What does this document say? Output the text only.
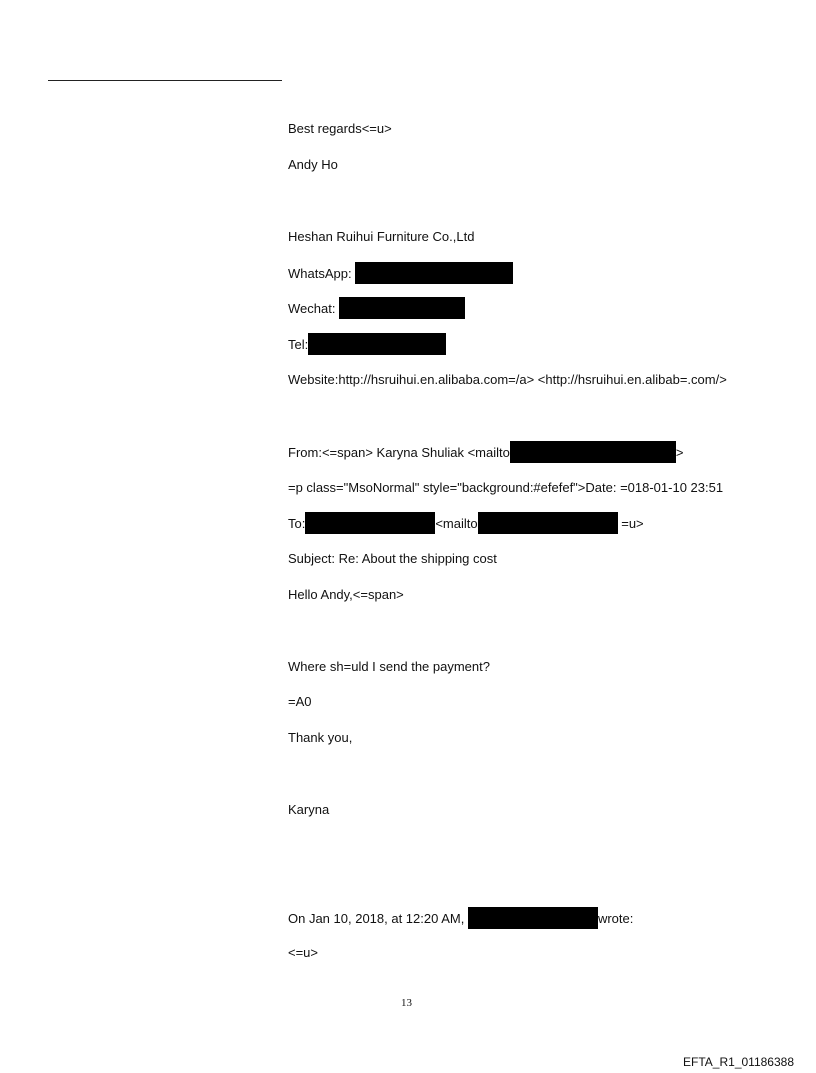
Best regards<=u>
Andy Ho
Heshan Ruihui Furniture Co.,Ltd
WhatsApp:
Wechat:
Tel:
Website:http://hsruihui.en.alibaba.com=/a> <http://hsruihui.en.alibab=.com/>
From:<=span> Karyna Shuliak <mailto	>
=p class="MsoNormal" style="background:#efefef">Date: =018-01-10 23:51
To:	<mailto	=u>
Subject: Re: About the shipping cost
Hello Andy,<=span>
Where sh=uld I send the payment?
=A0
Thank you,
Karyna
On Jan 10, 2018, at 12:20 AM,	wrote:
<=u>
13
EFTA_R1_01186388
